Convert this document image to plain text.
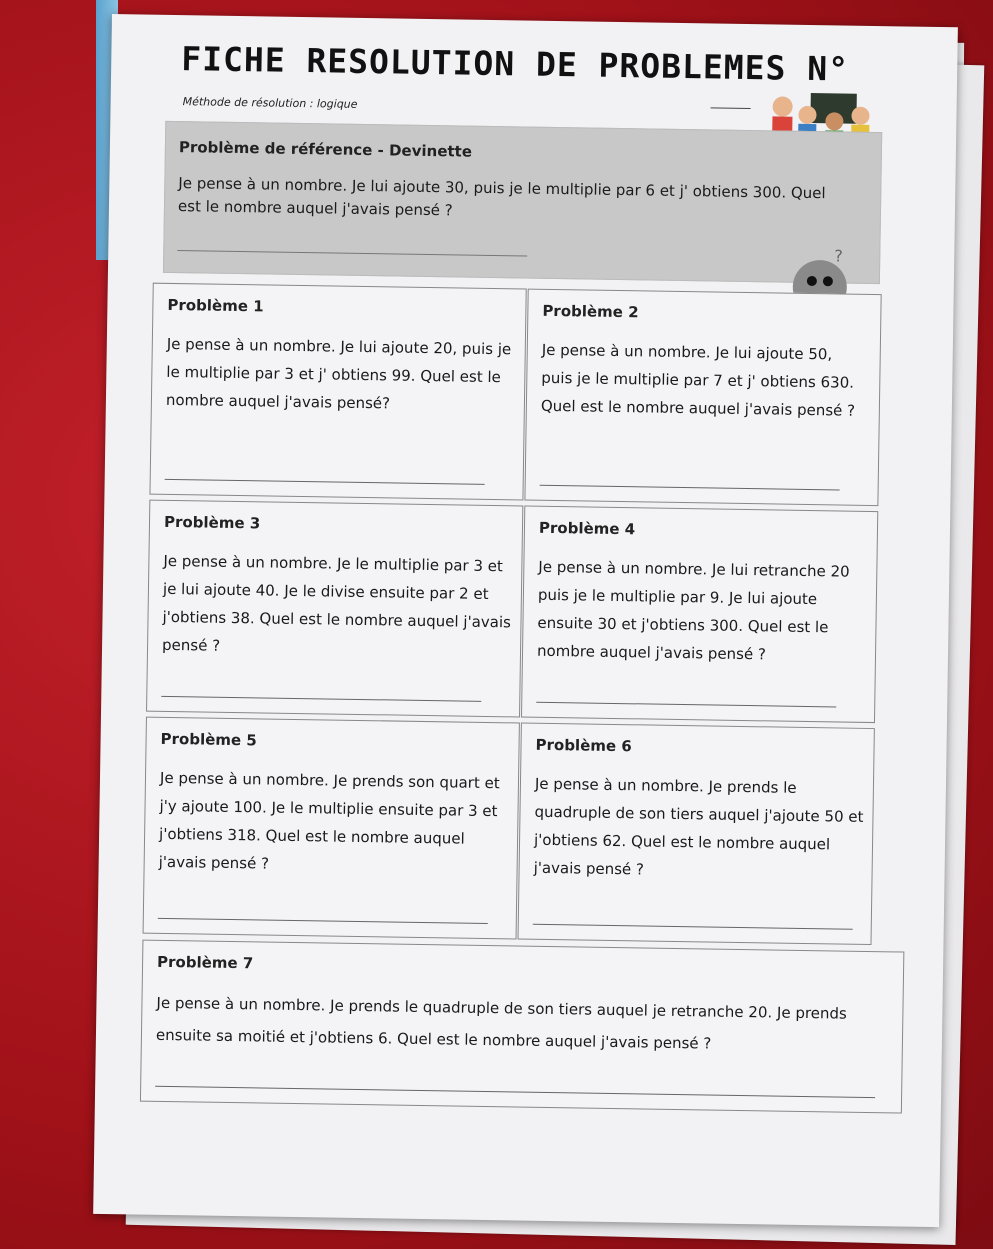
FICHE RESOLUTION DE PROBLEMES N°
Méthode de résolution : logique
Problème de référence - Devinette
Je pense à un nombre. Je lui ajoute 30, puis je le multiplie par 6 et j' obtiens 300. Quel est le nombre auquel j'avais pensé ?
?
Problème 1
Je pense à un nombre. Je lui ajoute 20, puis je le multiplie par 3 et j' obtiens 99. Quel est le nombre auquel j'avais pensé?
Problème 2
Je pense à un nombre. Je lui ajoute 50, puis je le multiplie par 7 et j' obtiens 630. Quel est le nombre auquel j'avais pensé ?
Problème 3
Je pense à un nombre. Je le multiplie par 3 et je lui ajoute 40. Je le divise ensuite par 2 et j'obtiens 38. Quel est le nombre auquel j'avais pensé ?
Problème 4
Je pense à un nombre. Je lui retranche 20 puis je le multiplie par 9. Je lui ajoute ensuite 30 et j'obtiens 300. Quel est le nombre auquel j'avais pensé ?
Problème 5
Je pense à un nombre. Je prends son quart et j'y ajoute 100. Je le multiplie ensuite par 3 et j'obtiens 318. Quel est le nombre auquel j'avais pensé ?
Problème 6
Je pense à un nombre. Je prends le quadruple de son tiers auquel j'ajoute 50 et j'obtiens 62. Quel est le nombre auquel j'avais pensé ?
Problème 7
Je pense à un nombre. Je prends le quadruple de son tiers auquel je retranche 20. Je prends ensuite sa moitié et j'obtiens 6. Quel est le nombre auquel j'avais pensé ?
